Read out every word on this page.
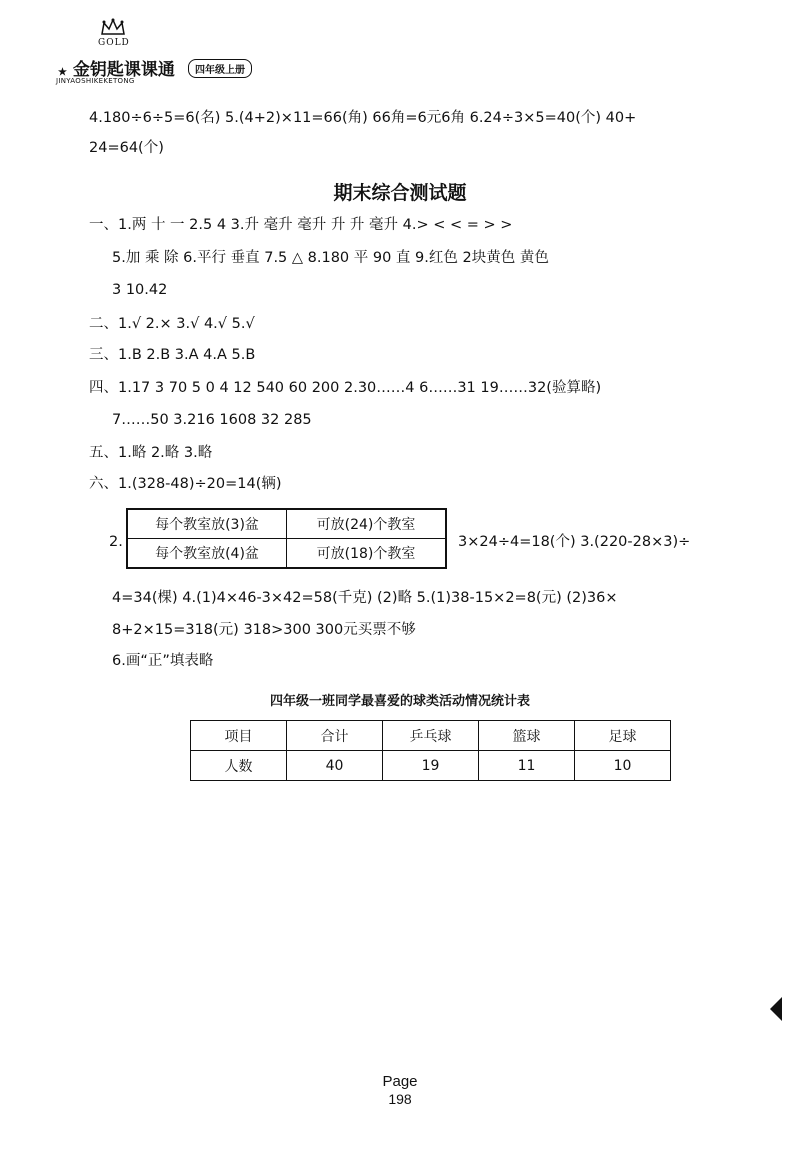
GOLD
★ 金钥匙课课通
JINYAOSHIKEKETONG
四年级上册
4.180÷6÷5=6(名) 5.(4+2)×11=66(角) 66角=6元6角 6.24÷3×5=40(个) 40+
24=64(个)
期末综合测试题
一、1.两 十 一 2.5 4 3.升 毫升 毫升 升 升 毫升 4.> < < = > >
5.加 乘 除 6.平行 垂直 7.5 △ 8.180 平 90 直 9.红色 2块黄色 黄色
3 10.42
二、1.√ 2.× 3.√ 4.√ 5.√
三、1.B 2.B 3.A 4.A 5.B
四、1.17 3 70 5 0 4 12 540 60 200 2.30……4 6……31 19……32(验算略)
7……50 3.216 1608 32 285
五、1.略 2.略 3.略
六、1.(328-48)÷20=14(辆)
2.
每个教室放(3)盆	可放(24)个教室
每个教室放(4)盆	可放(18)个教室
3×24÷4=18(个) 3.(220-28×3)÷
4=34(棵) 4.(1)4×46-3×42=58(千克) (2)略 5.(1)38-15×2=8(元) (2)36×
8+2×15=318(元) 318>300 300元买票不够
6.画“正”填表略
四年级一班同学最喜爱的球类活动情况统计表
项目	合计	乒乓球	篮球	足球
人数	40	19	11	10
Page
198
